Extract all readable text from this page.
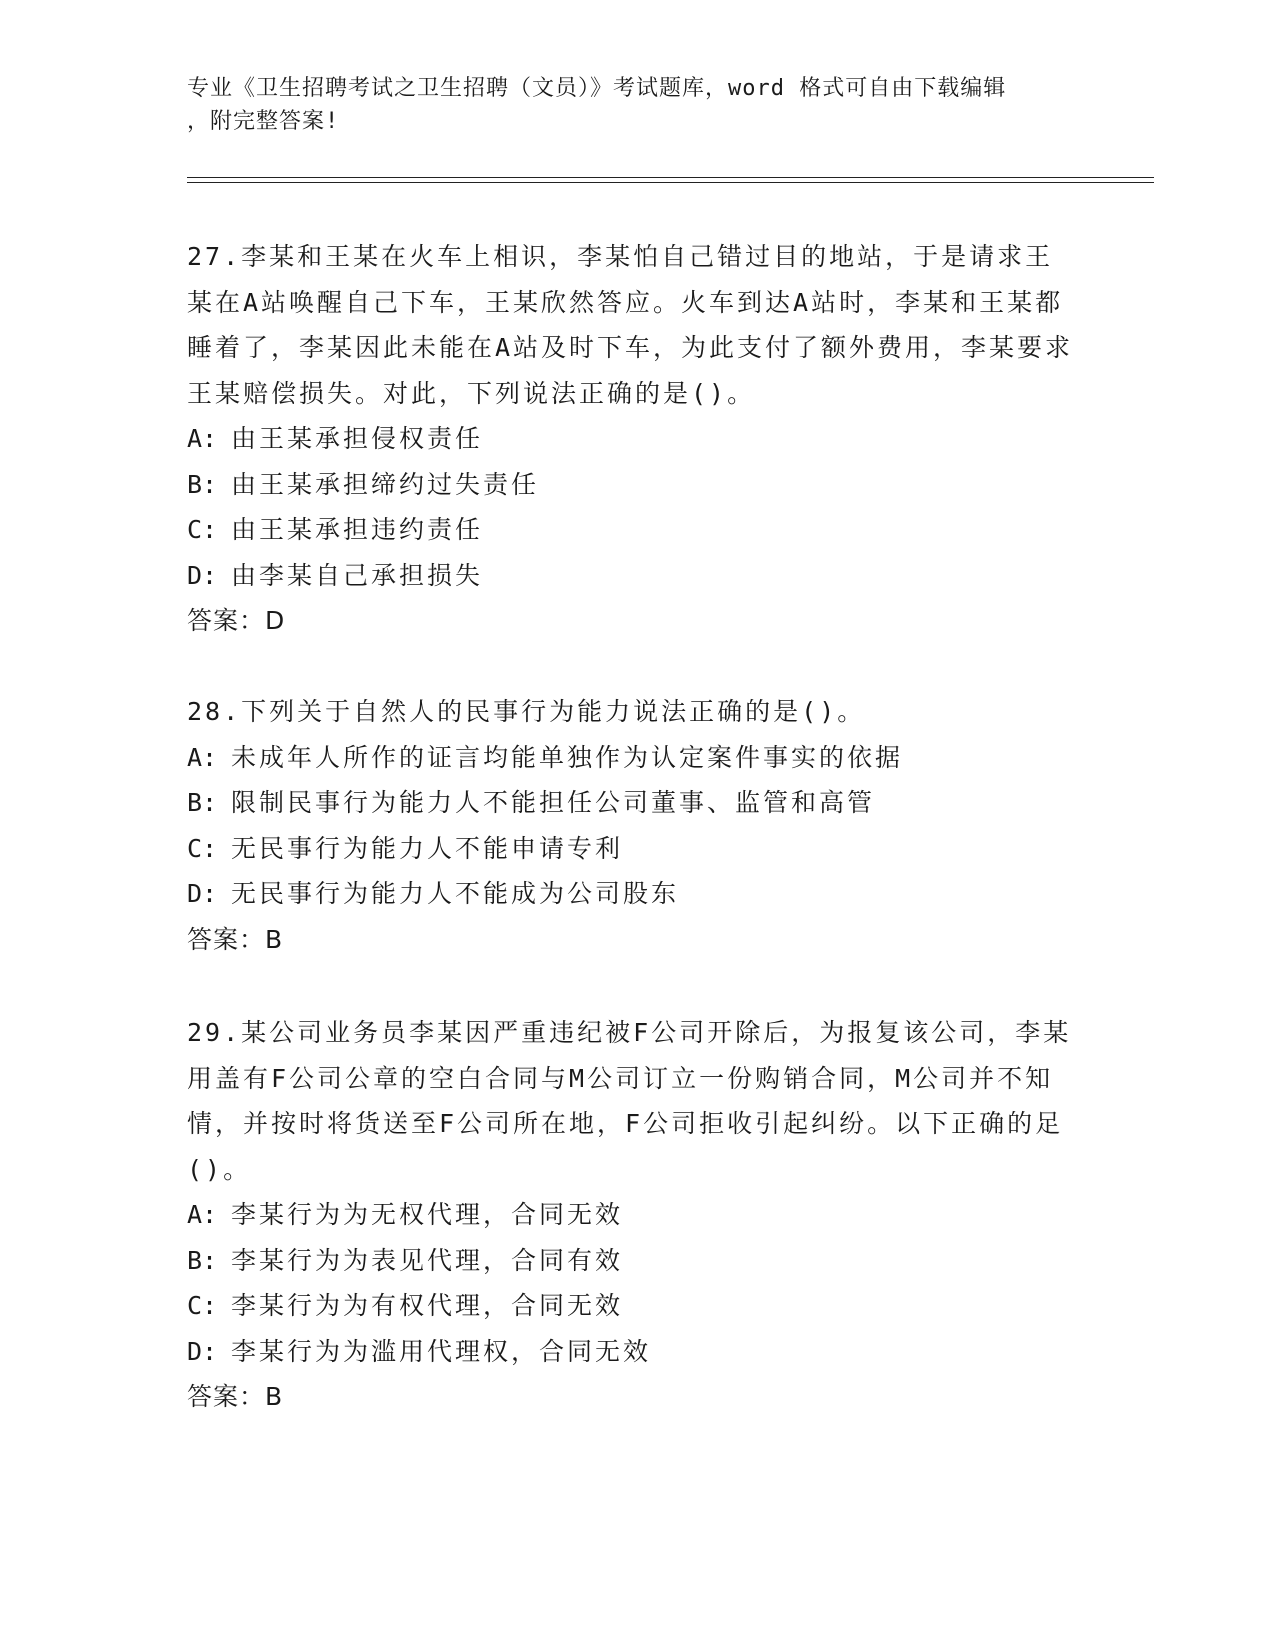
专业《卫生招聘考试之卫生招聘（文员）》考试题库，word 格式可自由下载编辑
，附完整答案!
27.李某和王某在火车上相识，李某怕自己错过目的地站，于是请求王某在A站唤醒自己下车，王某欣然答应。火车到达A站时，李某和王某都睡着了，李某因此未能在A站及时下车，为此支付了额外费用，李某要求王某赔偿损失。对此，下列说法正确的是()。
A: 由王某承担侵权责任
B: 由王某承担缔约过失责任
C: 由王某承担违约责任
D: 由李某自己承担损失
答案：D
28.下列关于自然人的民事行为能力说法正确的是()。
A: 未成年人所作的证言均能单独作为认定案件事实的依据
B: 限制民事行为能力人不能担任公司董事、监管和高管
C: 无民事行为能力人不能申请专利
D: 无民事行为能力人不能成为公司股东
答案：B
29.某公司业务员李某因严重违纪被F公司开除后，为报复该公司，李某用盖有F公司公章的空白合同与M公司订立一份购销合同，M公司并不知情，并按时将货送至F公司所在地，F公司拒收引起纠纷。以下正确的足()。
A: 李某行为为无权代理，合同无效
B: 李某行为为表见代理，合同有效
C: 李某行为为有权代理，合同无效
D: 李某行为为滥用代理权，合同无效
答案：B
